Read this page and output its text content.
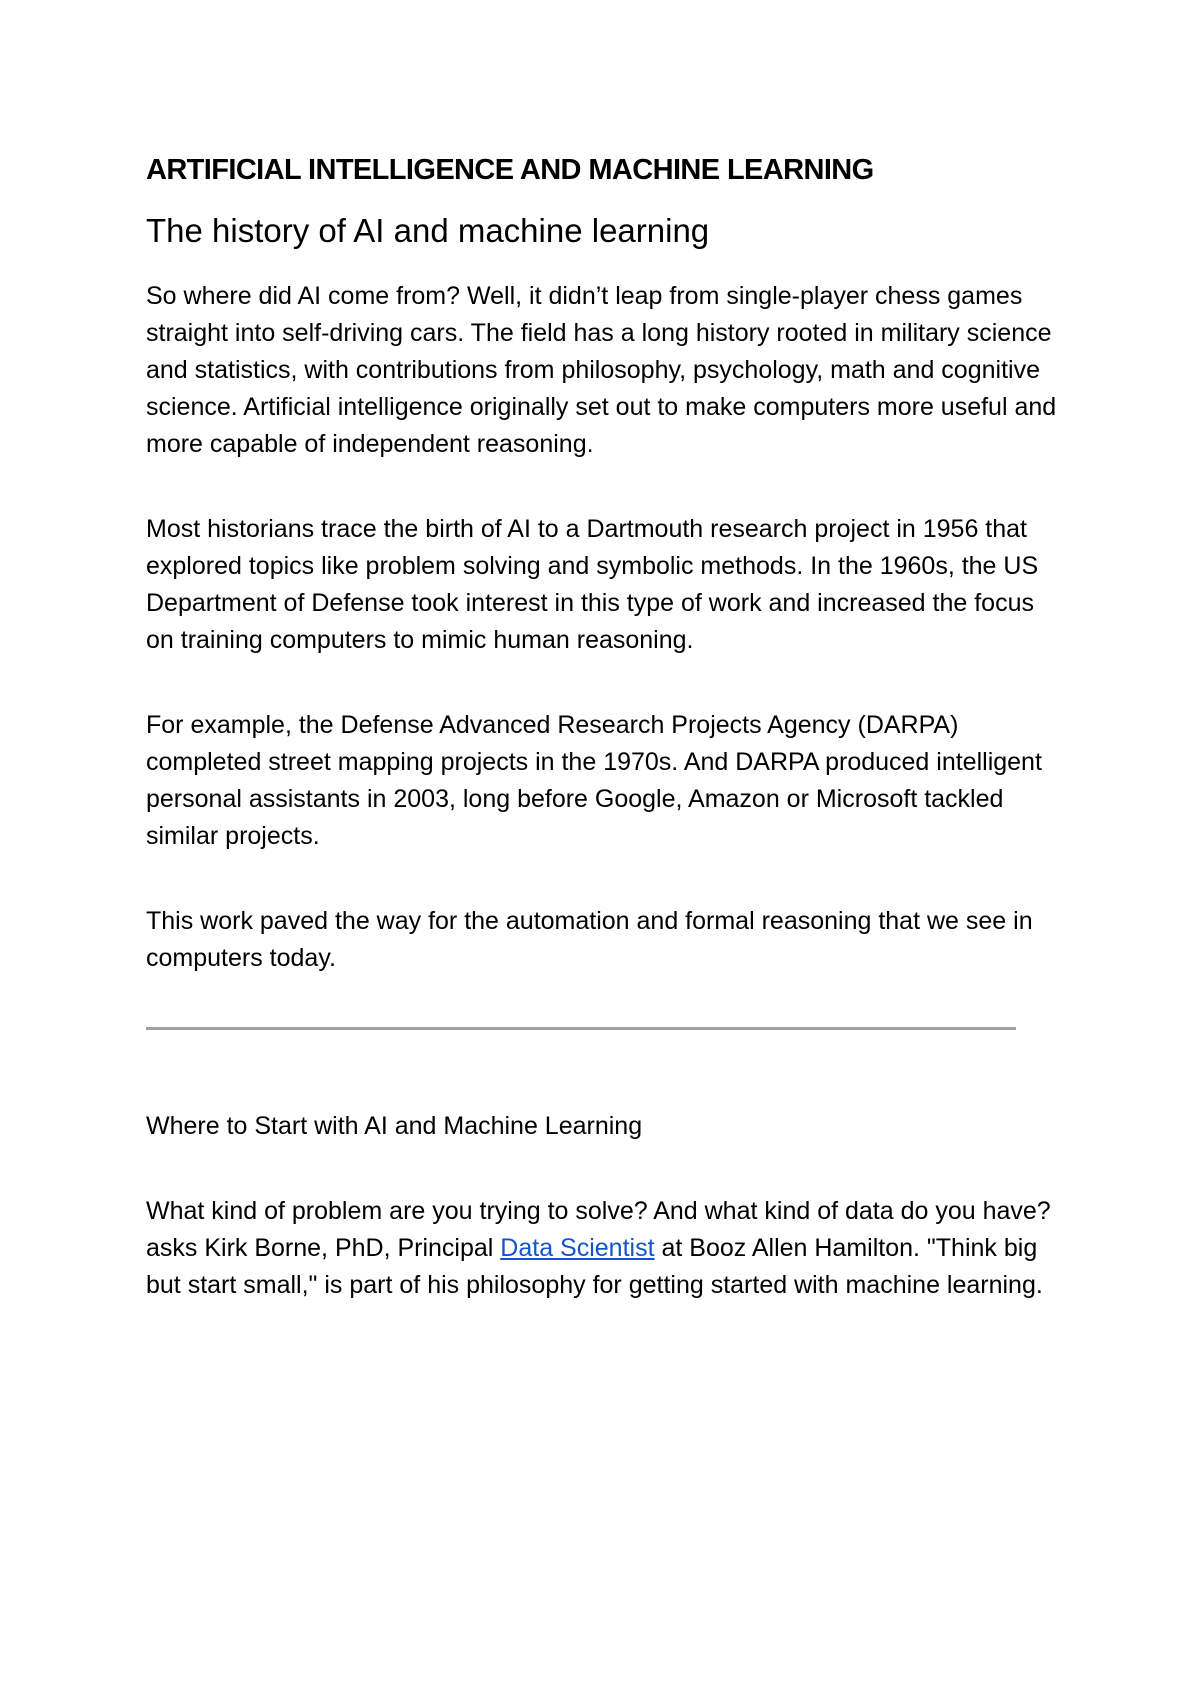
ARTIFICIAL INTELLIGENCE AND MACHINE LEARNING
The history of AI and machine learning

So where did AI come from? Well, it didn’t leap from single-player chess games straight into self-driving cars. The field has a long history rooted in military science and statistics, with contributions from philosophy, psychology, math and cognitive science. Artificial intelligence originally set out to make computers more useful and more capable of independent reasoning.

Most historians trace the birth of AI to a Dartmouth research project in 1956 that explored topics like problem solving and symbolic methods. In the 1960s, the US Department of Defense took interest in this type of work and increased the focus on training computers to mimic human reasoning.

For example, the Defense Advanced Research Projects Agency (DARPA) completed street mapping projects in the 1970s. And DARPA produced intelligent personal assistants in 2003, long before Google, Amazon or Microsoft tackled similar projects.

This work paved the way for the automation and formal reasoning that we see in computers today.

Where to Start with AI and Machine Learning

What kind of problem are you trying to solve? And what kind of data do you have? asks Kirk Borne, PhD, Principal Data Scientist at Booz Allen Hamilton. "Think big but start small," is part of his philosophy for getting started with machine learning.
